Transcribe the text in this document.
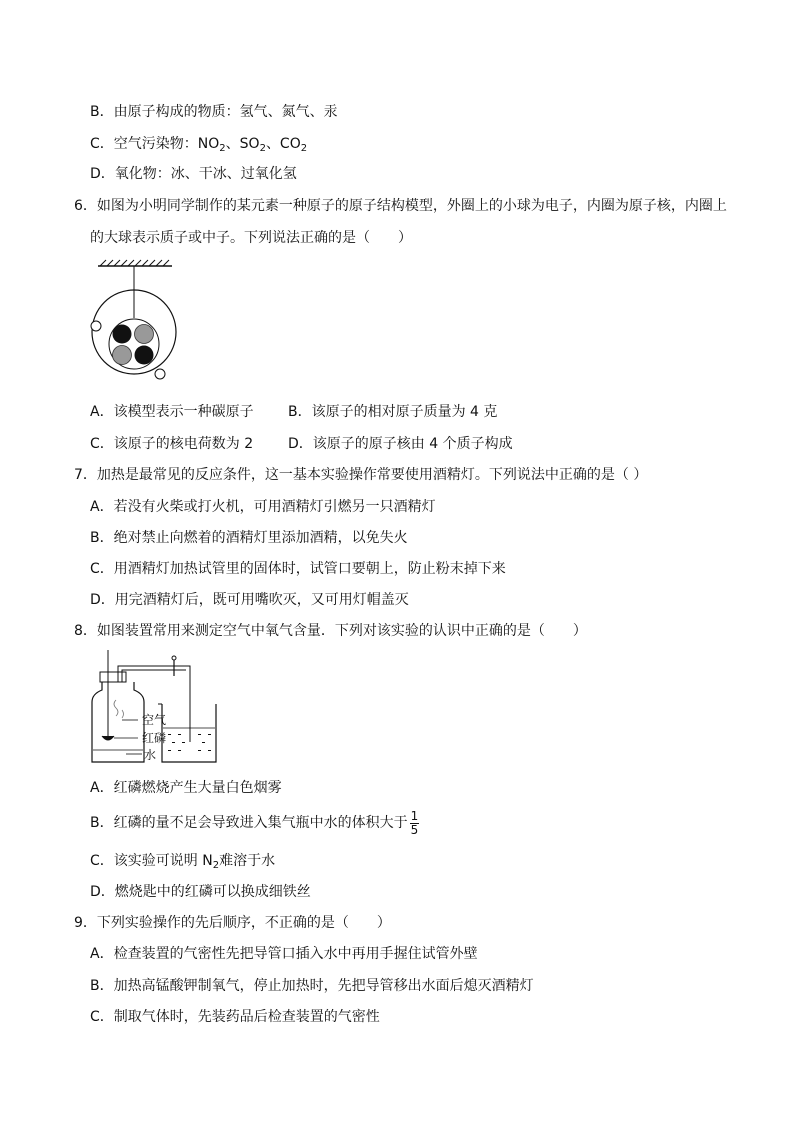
B．由原子构成的物质：氢气、氮气、汞
C．空气污染物：$NO_2$、$SO_2$、$CO_2$
D．氧化物：冰、干冰、过氧化氢
6．如图为小明同学制作的某元素一种原子的原子结构模型，外圈上的小球为电子，内圈为原子核，内圈上
的大球表示质子或中子。下列说法正确的是（　　）
A．该模型表示一种碳原子 B．该原子的相对原子质量为 4 克
C．该原子的核电荷数为 2 D．该原子的原子核由 4 个质子构成
7．加热是最常见的反应条件，这一基本实验操作常要使用酒精灯。下列说法中正确的是（ ）
A．若没有火柴或打火机，可用酒精灯引燃另一只酒精灯
B．绝对禁止向燃着的酒精灯里添加酒精，以免失火
C．用酒精灯加热试管里的固体时，试管口要朝上，防止粉末掉下来
D．用完酒精灯后，既可用嘴吹灭，又可用灯帽盖灭
8．如图装置常用来测定空气中氧气含量．下列对该实验的认识中正确的是（　　）
空气
红磷
水
A．红磷燃烧产生大量白色烟雾
B．红磷的量不足会导致进入集气瓶中水的体积大于 $\frac{1}{5}$
C．该实验可说明 $N_2$难溶于水
D．燃烧匙中的红磷可以换成细铁丝
9．下列实验操作的先后顺序，不正确的是（　　）
A．检查装置的气密性先把导管口插入水中再用手握住试管外壁
B．加热高锰酸钾制氧气，停止加热时，先把导管移出水面后熄灭酒精灯
C．制取气体时，先装药品后检查装置的气密性
